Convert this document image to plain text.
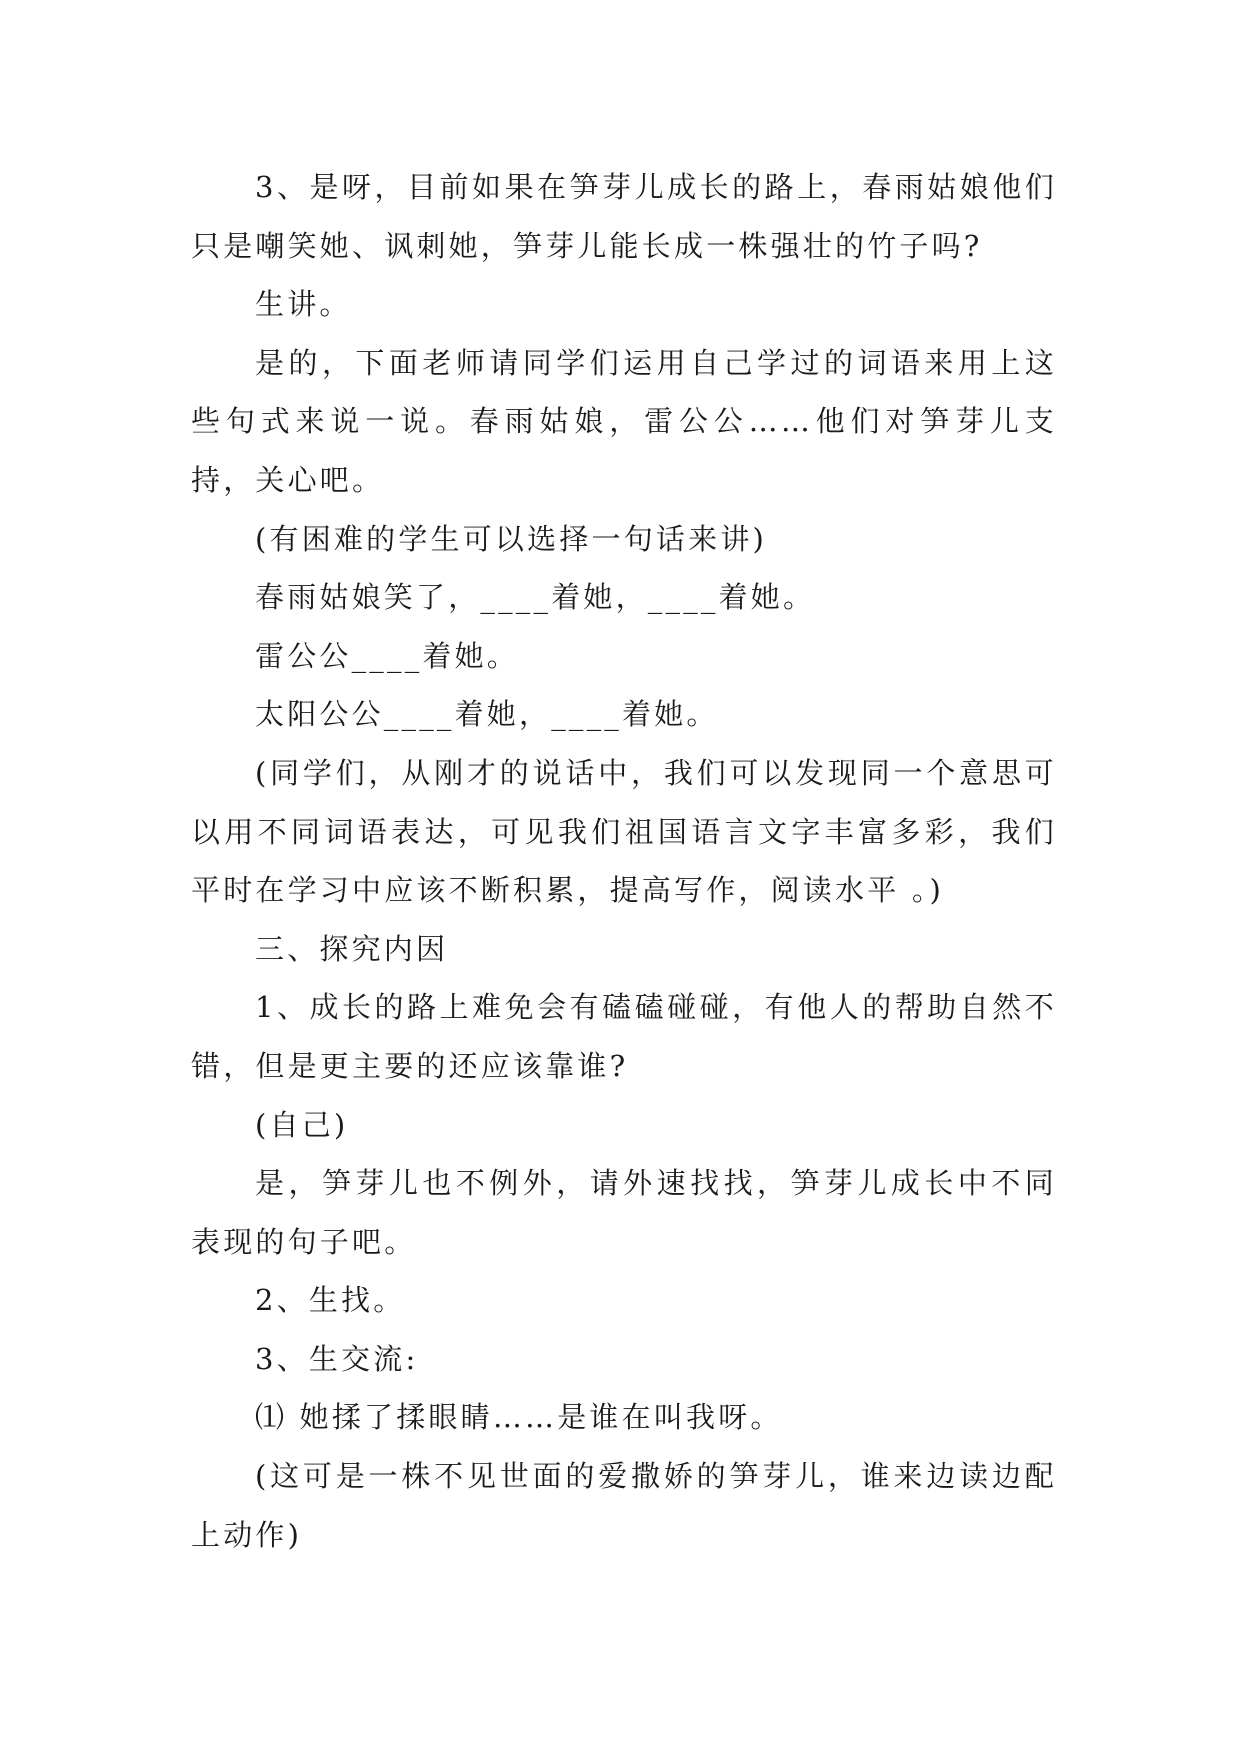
3、是呀，目前如果在笋芽儿成长的路上，春雨姑娘他们只是嘲笑她、讽刺她，笋芽儿能长成一株强壮的竹子吗?

生讲。

是的，下面老师请同学们运用自己学过的词语来用上这些句式来说一说。春雨姑娘，雷公公……他们对笋芽儿支持，关心吧。

(有困难的学生可以选择一句话来讲)

春雨姑娘笑了，____着她，____着她。

雷公公____着她。

太阳公公____着她，____着她。

(同学们，从刚才的说话中，我们可以发现同一个意思可以用不同词语表达，可见我们祖国语言文字丰富多彩，我们平时在学习中应该不断积累，提高写作，阅读水平 。)

三、探究内因

1、成长的路上难免会有磕磕碰碰，有他人的帮助自然不错，但是更主要的还应该靠谁?

(自己)

是，笋芽儿也不例外，请外速找找，笋芽儿成长中不同表现的句子吧。

2、生找。

3、生交流:

⑴ 她揉了揉眼睛……是谁在叫我呀。

(这可是一株不见世面的爱撒娇的笋芽儿，谁来边读边配上动作)
